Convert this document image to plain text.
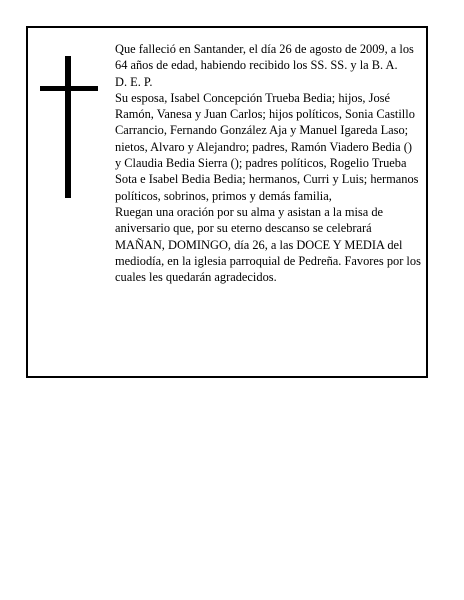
Que falleció en Santander, el día 26 de agosto de 2009, a los 64 años de edad, habiendo recibido los SS. SS. y la B. A.

D. E. P.

Su esposa, Isabel Concepción Trueba Bedia; hijos, José Ramón, Vanesa y Juan Carlos; hijos políticos, Sonia Castillo Carrancio, Fernando González Aja y Manuel Igareda Laso; nietos, Alvaro y Alejandro; padres, Ramón Viadero Bedia () y Claudia Bedia Sierra (); padres políticos, Rogelio Trueba Sota e Isabel Bedia Bedia; hermanos, Curri y Luis; hermanos políticos, sobrinos, primos y demás familia,

Ruegan una oración por su alma y asistan a la misa de aniversario que, por su eterno descanso se celebrará MAÑAN, DOMINGO, día 26, a las DOCE Y MEDIA del mediodía, en la iglesia parroquial de Pedreña. Favores por los cuales les quedarán agradecidos.
